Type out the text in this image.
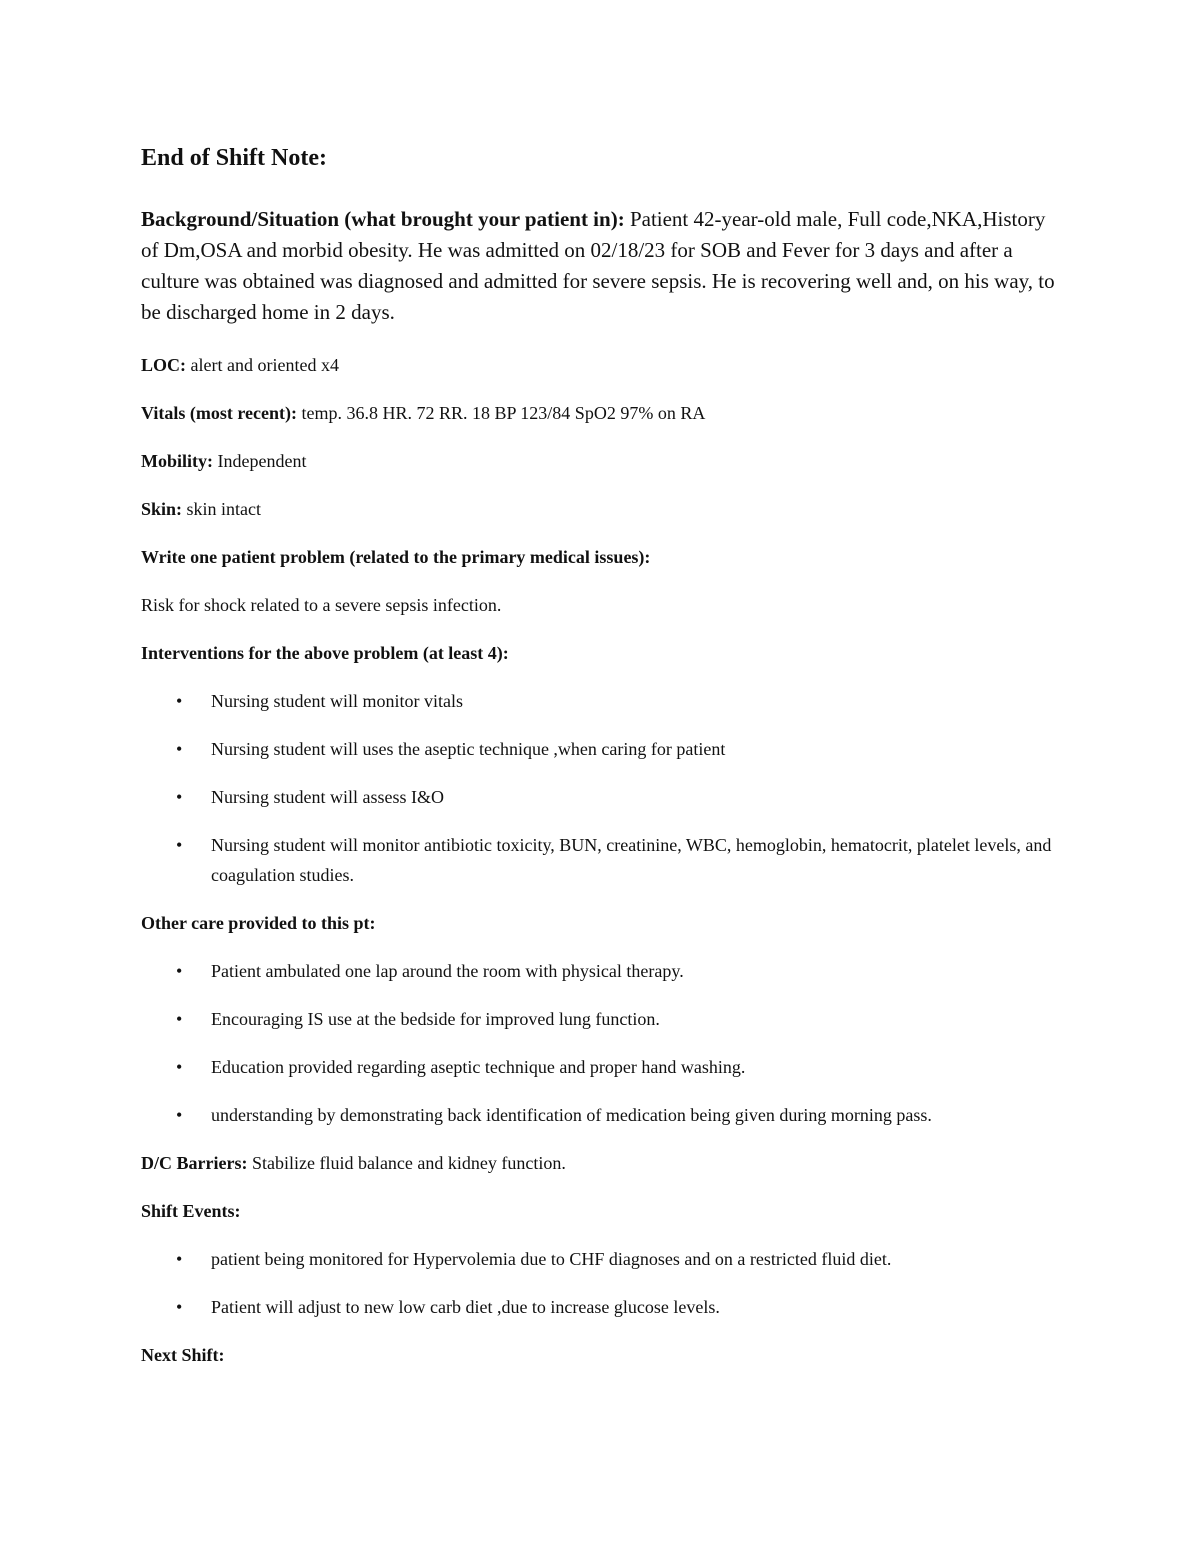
End of Shift Note:

Background/Situation (what brought your patient in): Patient 42-year-old male, Full code,NKA,History of Dm,OSA and morbid obesity. He was admitted on 02/18/23 for SOB and Fever for 3 days and after a culture was obtained was diagnosed and admitted for severe sepsis. He is recovering well and, on his way, to be discharged home in 2 days.

LOC: alert and oriented x4

Vitals (most recent): temp. 36.8 HR. 72 RR. 18 BP 123/84 SpO2 97% on RA

Mobility: Independent

Skin: skin intact

Write one patient problem (related to the primary medical issues):

Risk for shock related to a severe sepsis infection.

Interventions for the above problem (at least 4):

• Nursing student will monitor vitals
• Nursing student will uses the aseptic technique ,when caring for patient
• Nursing student will assess I&O
• Nursing student will monitor antibiotic toxicity, BUN, creatinine, WBC, hemoglobin, hematocrit, platelet levels, and coagulation studies.

Other care provided to this pt:

• Patient ambulated one lap around the room with physical therapy.
• Encouraging IS use at the bedside for improved lung function.
• Education provided regarding aseptic technique and proper hand washing.
• understanding by demonstrating back identification of medication being given during morning pass.

D/C Barriers: Stabilize fluid balance and kidney function.

Shift Events:

• patient being monitored for Hypervolemia due to CHF diagnoses and on a restricted fluid diet.
• Patient will adjust to new low carb diet ,due to increase glucose levels.

Next Shift:
